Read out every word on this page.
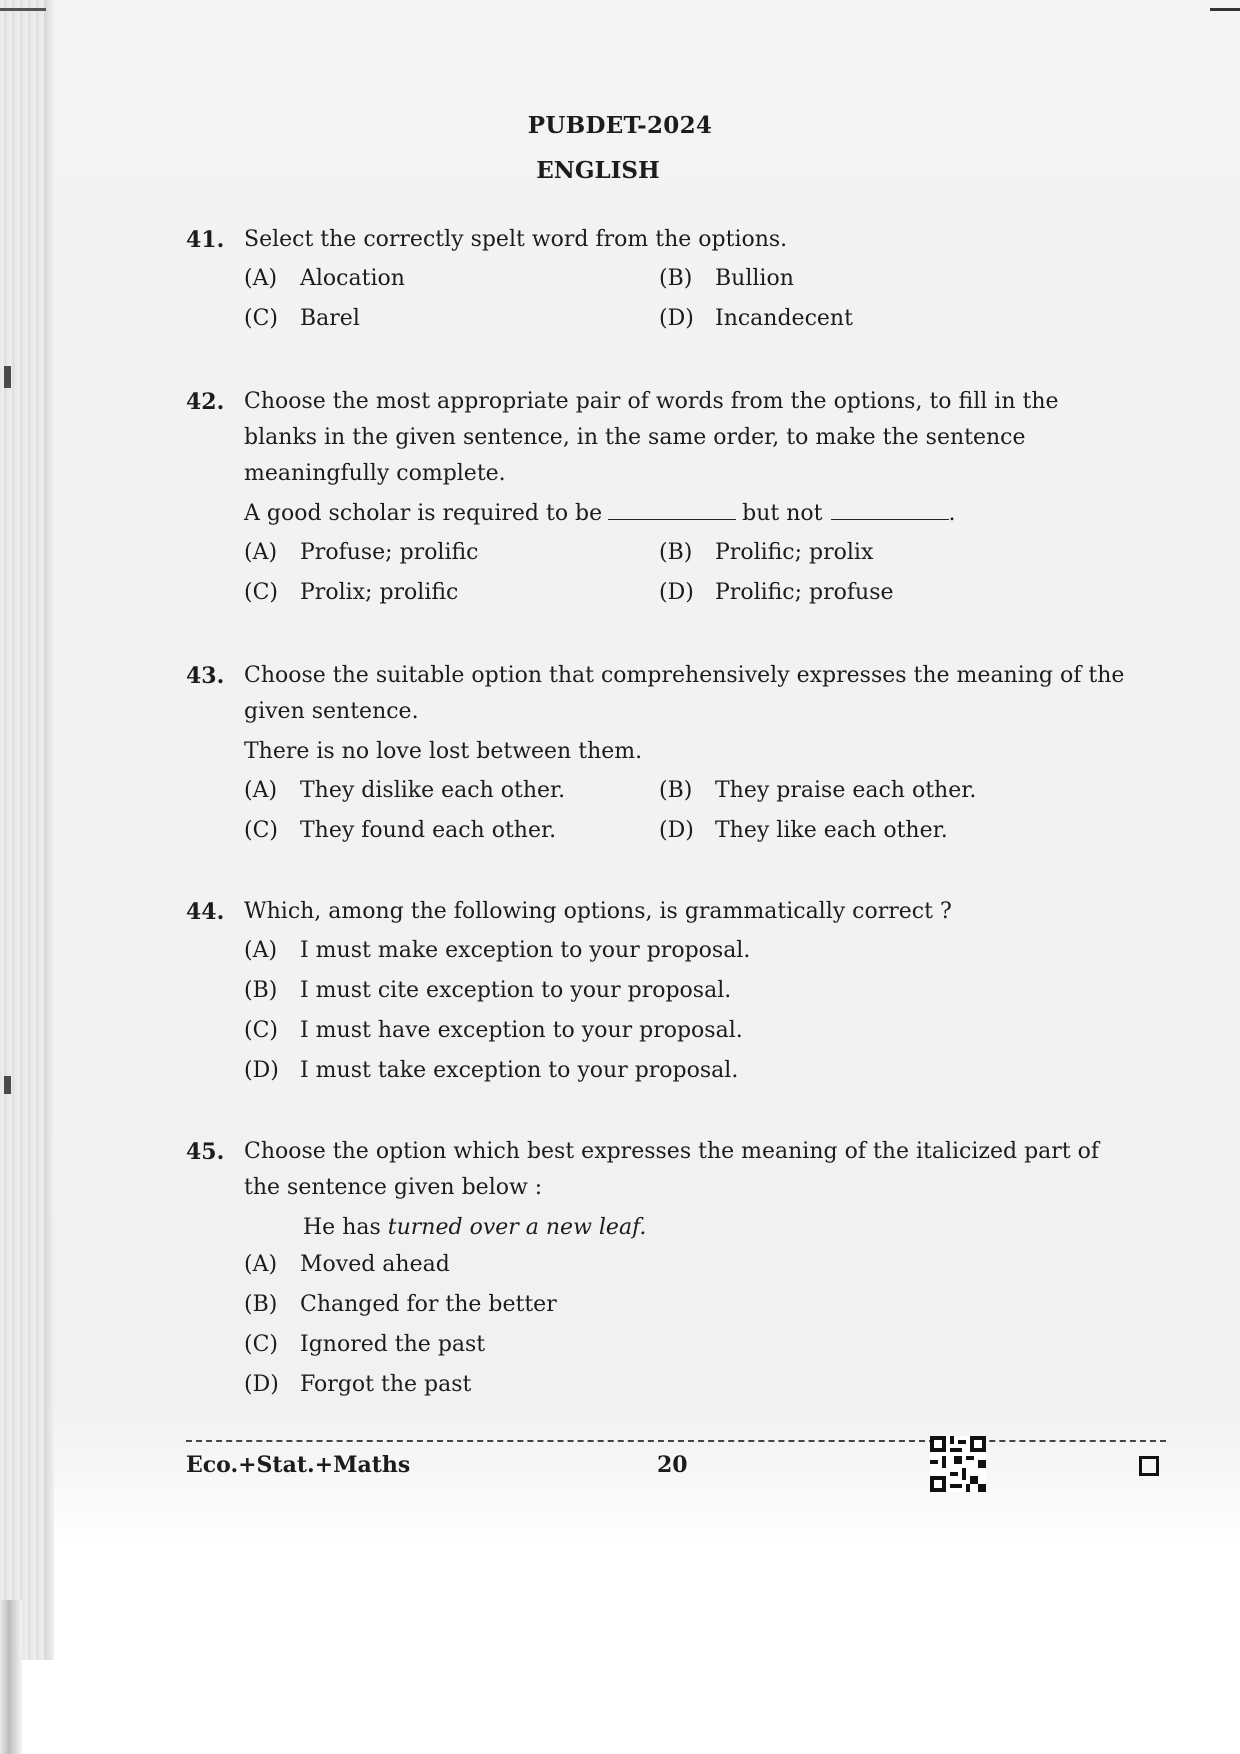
PUBDET-2024
ENGLISH
41. Select the correctly spelt word from the options.
(A) Alocation	(B) Bullion
(C) Barel	(D) Incandecent
42. Choose the most appropriate pair of words from the options, to fill in the
blanks in the given sentence, in the same order, to make the sentence
meaningfully complete.
A good scholar is required to be	but not	.
(A) Profuse; prolific	(B) Prolific; prolix
(C) Prolix; prolific	(D) Prolific; profuse
43. Choose the suitable option that comprehensively expresses the meaning of the
given sentence.
There is no love lost between them.
(A) They dislike each other.	(B) They praise each other.
(C) They found each other.	(D) They like each other.
44. Which, among the following options, is grammatically correct ?
(A) I must make exception to your proposal.
(B) I must cite exception to your proposal.
(C) I must have exception to your proposal.
(D) I must take exception to your proposal.
45. Choose the option which best expresses the meaning of the italicized part of
the sentence given below :
He has turned over a new leaf.
(A) Moved ahead
(B) Changed for the better
(C) Ignored the past
(D) Forgot the past
Eco.+Stat.+Maths	20
